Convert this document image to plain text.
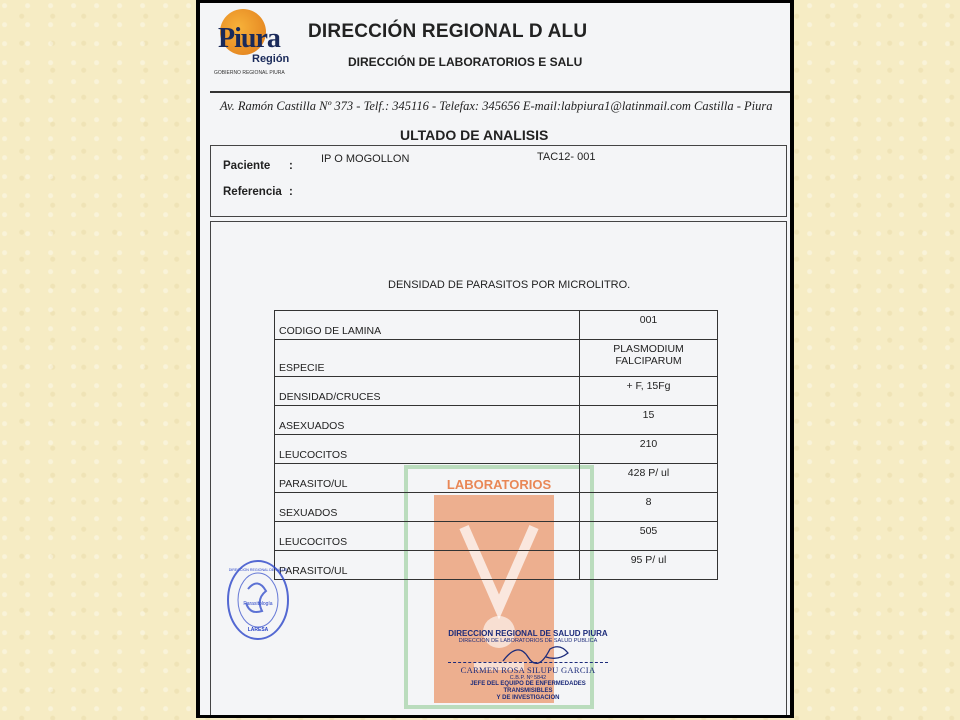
Piura
Región
GOBIERNO REGIONAL PIURA
DIRECCIÓN REGIONAL D ALU
DIRECCIÓN DE LABORATORIOS E SALU
Av. Ramón Castilla Nº 373 - Telf.: 345116 - Telefax: 345656 E-mail:labpiura1@latinmail.com Castilla - Piura
ULTADO DE ANALISIS
Paciente :
IP O MOGOLLON	TAC12- 001
Referencia :
LABORATORIOS
DENSIDAD DE PARASITOS POR MICROLITRO.
CODIGO DE LAMINA	001
ESPECIE	PLASMODIUM
FALCIPARUM

DENSIDAD/CRUCES	+ F, 15Fg
ASEXUADOS	15
LEUCOCITOS	210
PARASITO/UL	428 P/ ul
SEXUADOS	8
LEUCOCITOS	505
PARASITO/UL	95 P/ ul
Parasitología
LARESA
DIRECCION REGIONAL DE SALUD
DIRECCION REGIONAL DE SALUD PIURA
DIRECCION DE LABORATORIOS DE SALUD PUBLICA
CARMEN ROSA SILUPU GARCIA
C.B.P. Nº 5842
JEFE DEL EQUIPO DE ENFERMEDADES TRANSMISIBLES
Y DE INVESTIGACION
